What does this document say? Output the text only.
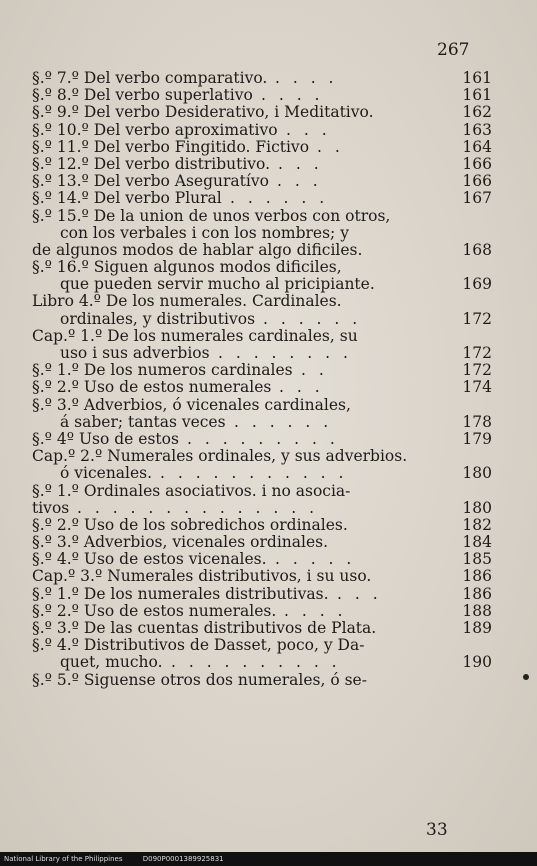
267
§.º 7.º Del verbo comparativo. . . . .	161
§.º 8.º Del verbo superlativo . . . .	161
§.º 9.º Del verbo Desiderativo, i Meditativo.	162
§.º 10.º Del verbo aproximativo . . .	163
§.º 11.º Del verbo Fingitido. Fictivo . .	164
§.º 12.º Del verbo distributivo. . . .	166
§.º 13.º Del verbo Aseguratívo . . .	166
§.º 14.º Del verbo Plural . . . . . .	167
§.º 15.º De la union de unos verbos con otros,
con los verbales i con los nombres; y
de algunos modos de hablar algo dificiles.	168
§.º 16.º Siguen algunos modos dificiles,
que pueden servir mucho al pricipiante.	169
Libro 4.º De los numerales. Cardinales.
ordinales, y distributivos . . . . . .	172
Cap.º 1.º De los numerales cardinales, su
uso i sus adverbios . . . . . . . .	172
§.º 1.º De los numeros cardinales . .	172
§.º 2.º Uso de estos numerales . . .	174
§.º 3.º Adverbios, ó vicenales cardinales,
á saber; tantas veces . . . . . .	178
§.º 4º Uso de estos . . . . . . . . .	179
Cap.º 2.º Numerales ordinales, y sus adverbios.
ó vicenales. . . . . . . . . . . .	180
§.º 1.º Ordinales asociativos. i no asocia-
tivos . . . . . . . . . . . . . .	180
§.º 2.º Uso de los sobredichos ordinales.	182
§.º 3.º Adverbios, vicenales ordinales.	184
§.º 4.º Uso de estos vicenales. . . . . .	185
Cap.º 3.º Numerales distributivos, i su uso.	186
§.º 1.º De los numerales distributivas. . . .	186
§.º 2.º Uso de estos numerales. . . . .	188
§.º 3.º De las cuentas distributivos de Plata.	189
§.º 4.º Distributivos de Dasset, poco, y Da-
quet, mucho. . . . . . . . . . .	190
§.º 5.º Siguense otros dos numerales, ó se-
33
National Library of the Philippines	D090P0001389925831
